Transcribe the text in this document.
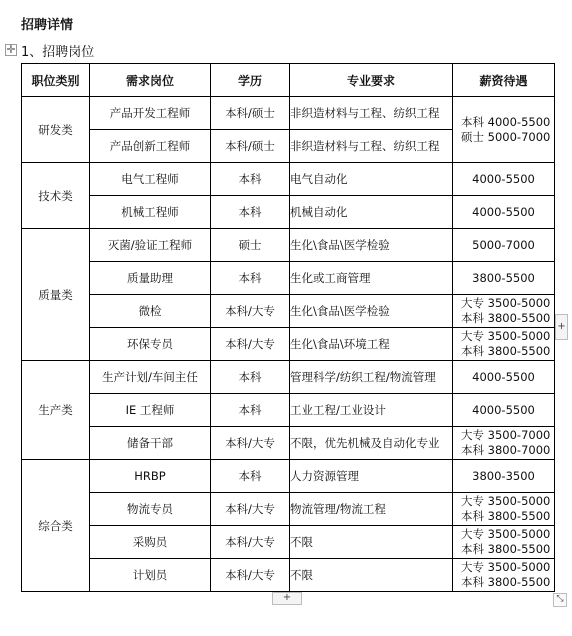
✛
招聘详情
1、招聘岗位
职位类别	需求岗位	学历	专业要求	薪资待遇
研发类	产品开发工程师	本科/硕士	非织造材料与工程、纺织工程	本科 4000-5500
硕士 5000-7000

	产品创新工程师	本科/硕士	非织造材料与工程、纺织工程	
技术类	电气工程师	本科	电气自动化	4000-5500
	机械工程师	本科	机械自动化	4000-5500
质量类	灭菌/验证工程师	硕士	生化\食品\医学检验	5000-7000
	质量助理	本科	生化或工商管理	3800-5500
	微检	本科/大专	生化\食品\医学检验	大专 3500-5000
本科 3800-5500

	环保专员	本科/大专	生化\食品\环境工程	大专 3500-5000
本科 3800-5500

生产类	生产计划/车间主任	本科	管理科学/纺织工程/物流管理	4000-5500
	IE 工程师	本科	工业工程/工业设计	4000-5500
	储备干部	本科/大专	不限，优先机械及自动化专业	大专 3500-7000
本科 3800-7000

综合类	HRBP	本科	人力资源管理	3800-3500
	物流专员	本科/大专	物流管理/物流工程	大专 3500-5000
本科 3800-5500

	采购员	本科/大专	不限	大专 3500-5000
本科 3800-5500

	计划员	本科/大专	不限	大专 3500-5000
本科 3800-5500
+
+	⤡
